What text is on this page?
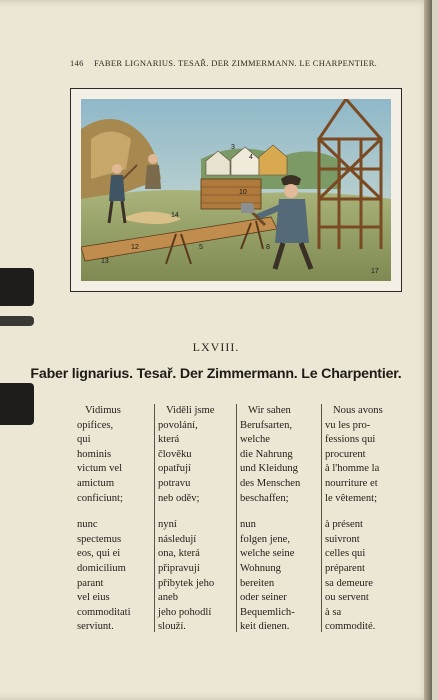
146 FABER LIGNARIUS. TESAŘ. DER ZIMMERMANN. LE CHARPENTIER.
3
4
10
5
12
13
14
8
17
LXVIII.
Faber lignarius. Tesař. Der Zimmermann. Le Charpentier.
Vidimus
opifices,
qui
hominis
victum vel
amictum
conficiunt;
nunc
spectemus
eos, qui ei
domicilium
parant
vel eius
commoditati
serviunt.
Viděli jsme
povolání,
která
člověku
opatřují
potravu
neb oděv;
nyní
následují
ona, která
připravují
příbytek jeho
aneb
jeho pohodlí
slouží.
Wir sahen
Berufsarten,
welche
die Nahrung
und Kleidung
des Menschen
beschaffen;
nun
folgen jene,
welche seine
Wohnung
bereiten
oder seiner
Bequemlich-
keit dienen.
Nous avons
vu les pro-
fessions qui
procurent
à l'homme la
nourriture et
le vêtement;
à présent
suivront
celles qui
préparent
sa demeure
ou servent
à sa
commodité.
